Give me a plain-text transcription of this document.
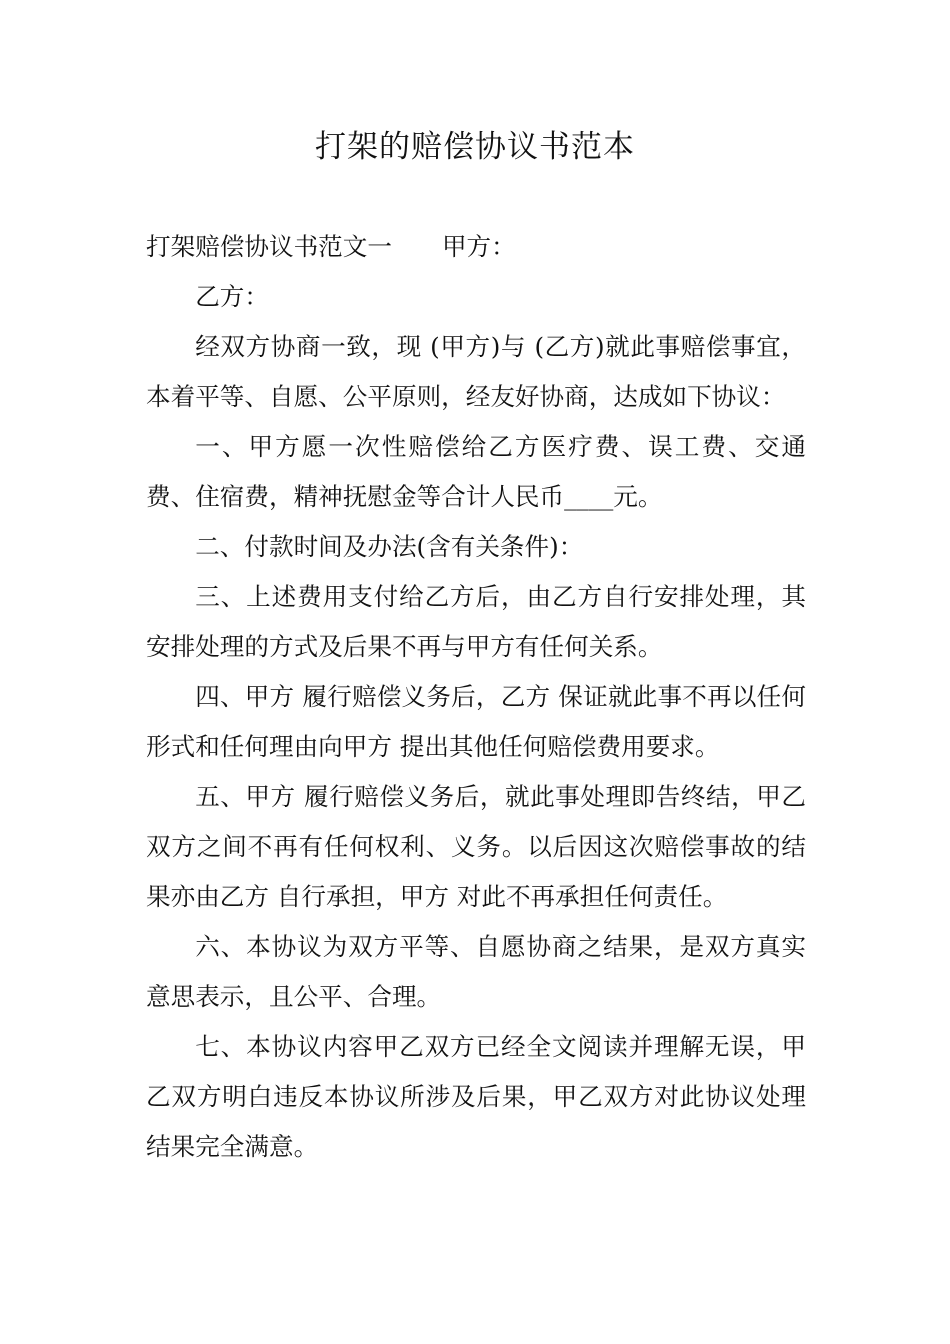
打架的赔偿协议书范本

打架赔偿协议书范文一 甲方：

乙方：

经双方协商一致，现 (甲方)与 (乙方)就此事赔偿事宜，本着平等、自愿、公平原则，经友好协商，达成如下协议：

一、甲方愿一次性赔偿给乙方医疗费、误工费、交通费、住宿费，精神抚慰金等合计人民币____元。

二、付款时间及办法(含有关条件)：

三、上述费用支付给乙方后，由乙方自行安排处理，其安排处理的方式及后果不再与甲方有任何关系。

四、甲方 履行赔偿义务后，乙方 保证就此事不再以任何形式和任何理由向甲方 提出其他任何赔偿费用要求。

五、甲方 履行赔偿义务后，就此事处理即告终结，甲乙双方之间不再有任何权利、义务。以后因这次赔偿事故的结果亦由乙方 自行承担，甲方 对此不再承担任何责任。

六、本协议为双方平等、自愿协商之结果，是双方真实意思表示，且公平、合理。

七、本协议内容甲乙双方已经全文阅读并理解无误，甲乙双方明白违反本协议所涉及后果，甲乙双方对此协议处理结果完全满意。
